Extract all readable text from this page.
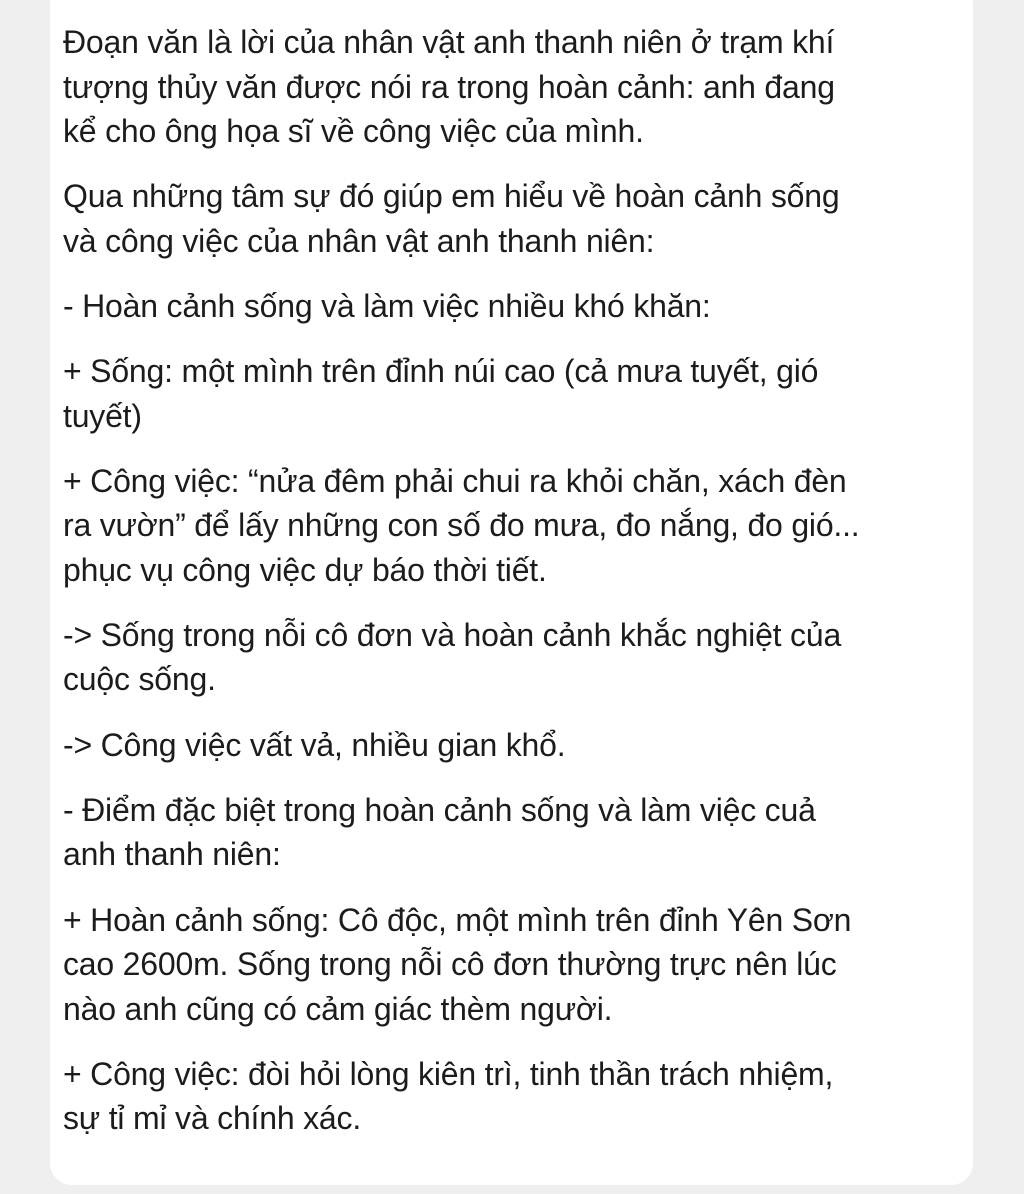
Đoạn văn là lời của nhân vật anh thanh niên ở trạm khí
tượng thủy văn được nói ra trong hoàn cảnh: anh đang
kể cho ông họa sĩ về công việc của mình.

Qua những tâm sự đó giúp em hiểu về hoàn cảnh sống
và công việc của nhân vật anh thanh niên:

- Hoàn cảnh sống và làm việc nhiều khó khăn:

+ Sống: một mình trên đỉnh núi cao (cả mưa tuyết, gió
tuyết)

+ Công việc: “nửa đêm phải chui ra khỏi chăn, xách đèn
ra vườn” để lấy những con số đo mưa, đo nắng, đo gió...
phục vụ công việc dự báo thời tiết.

-> Sống trong nỗi cô đơn và hoàn cảnh khắc nghiệt của
cuộc sống.

-> Công việc vất vả, nhiều gian khổ.

- Điểm đặc biệt trong hoàn cảnh sống và làm việc cuả
anh thanh niên:

+ Hoàn cảnh sống: Cô độc, một mình trên đỉnh Yên Sơn
cao 2600m. Sống trong nỗi cô đơn thường trực nên lúc
nào anh cũng có cảm giác thèm người.

+ Công việc: đòi hỏi lòng kiên trì, tinh thần trách nhiệm,
sự tỉ mỉ và chính xác.
